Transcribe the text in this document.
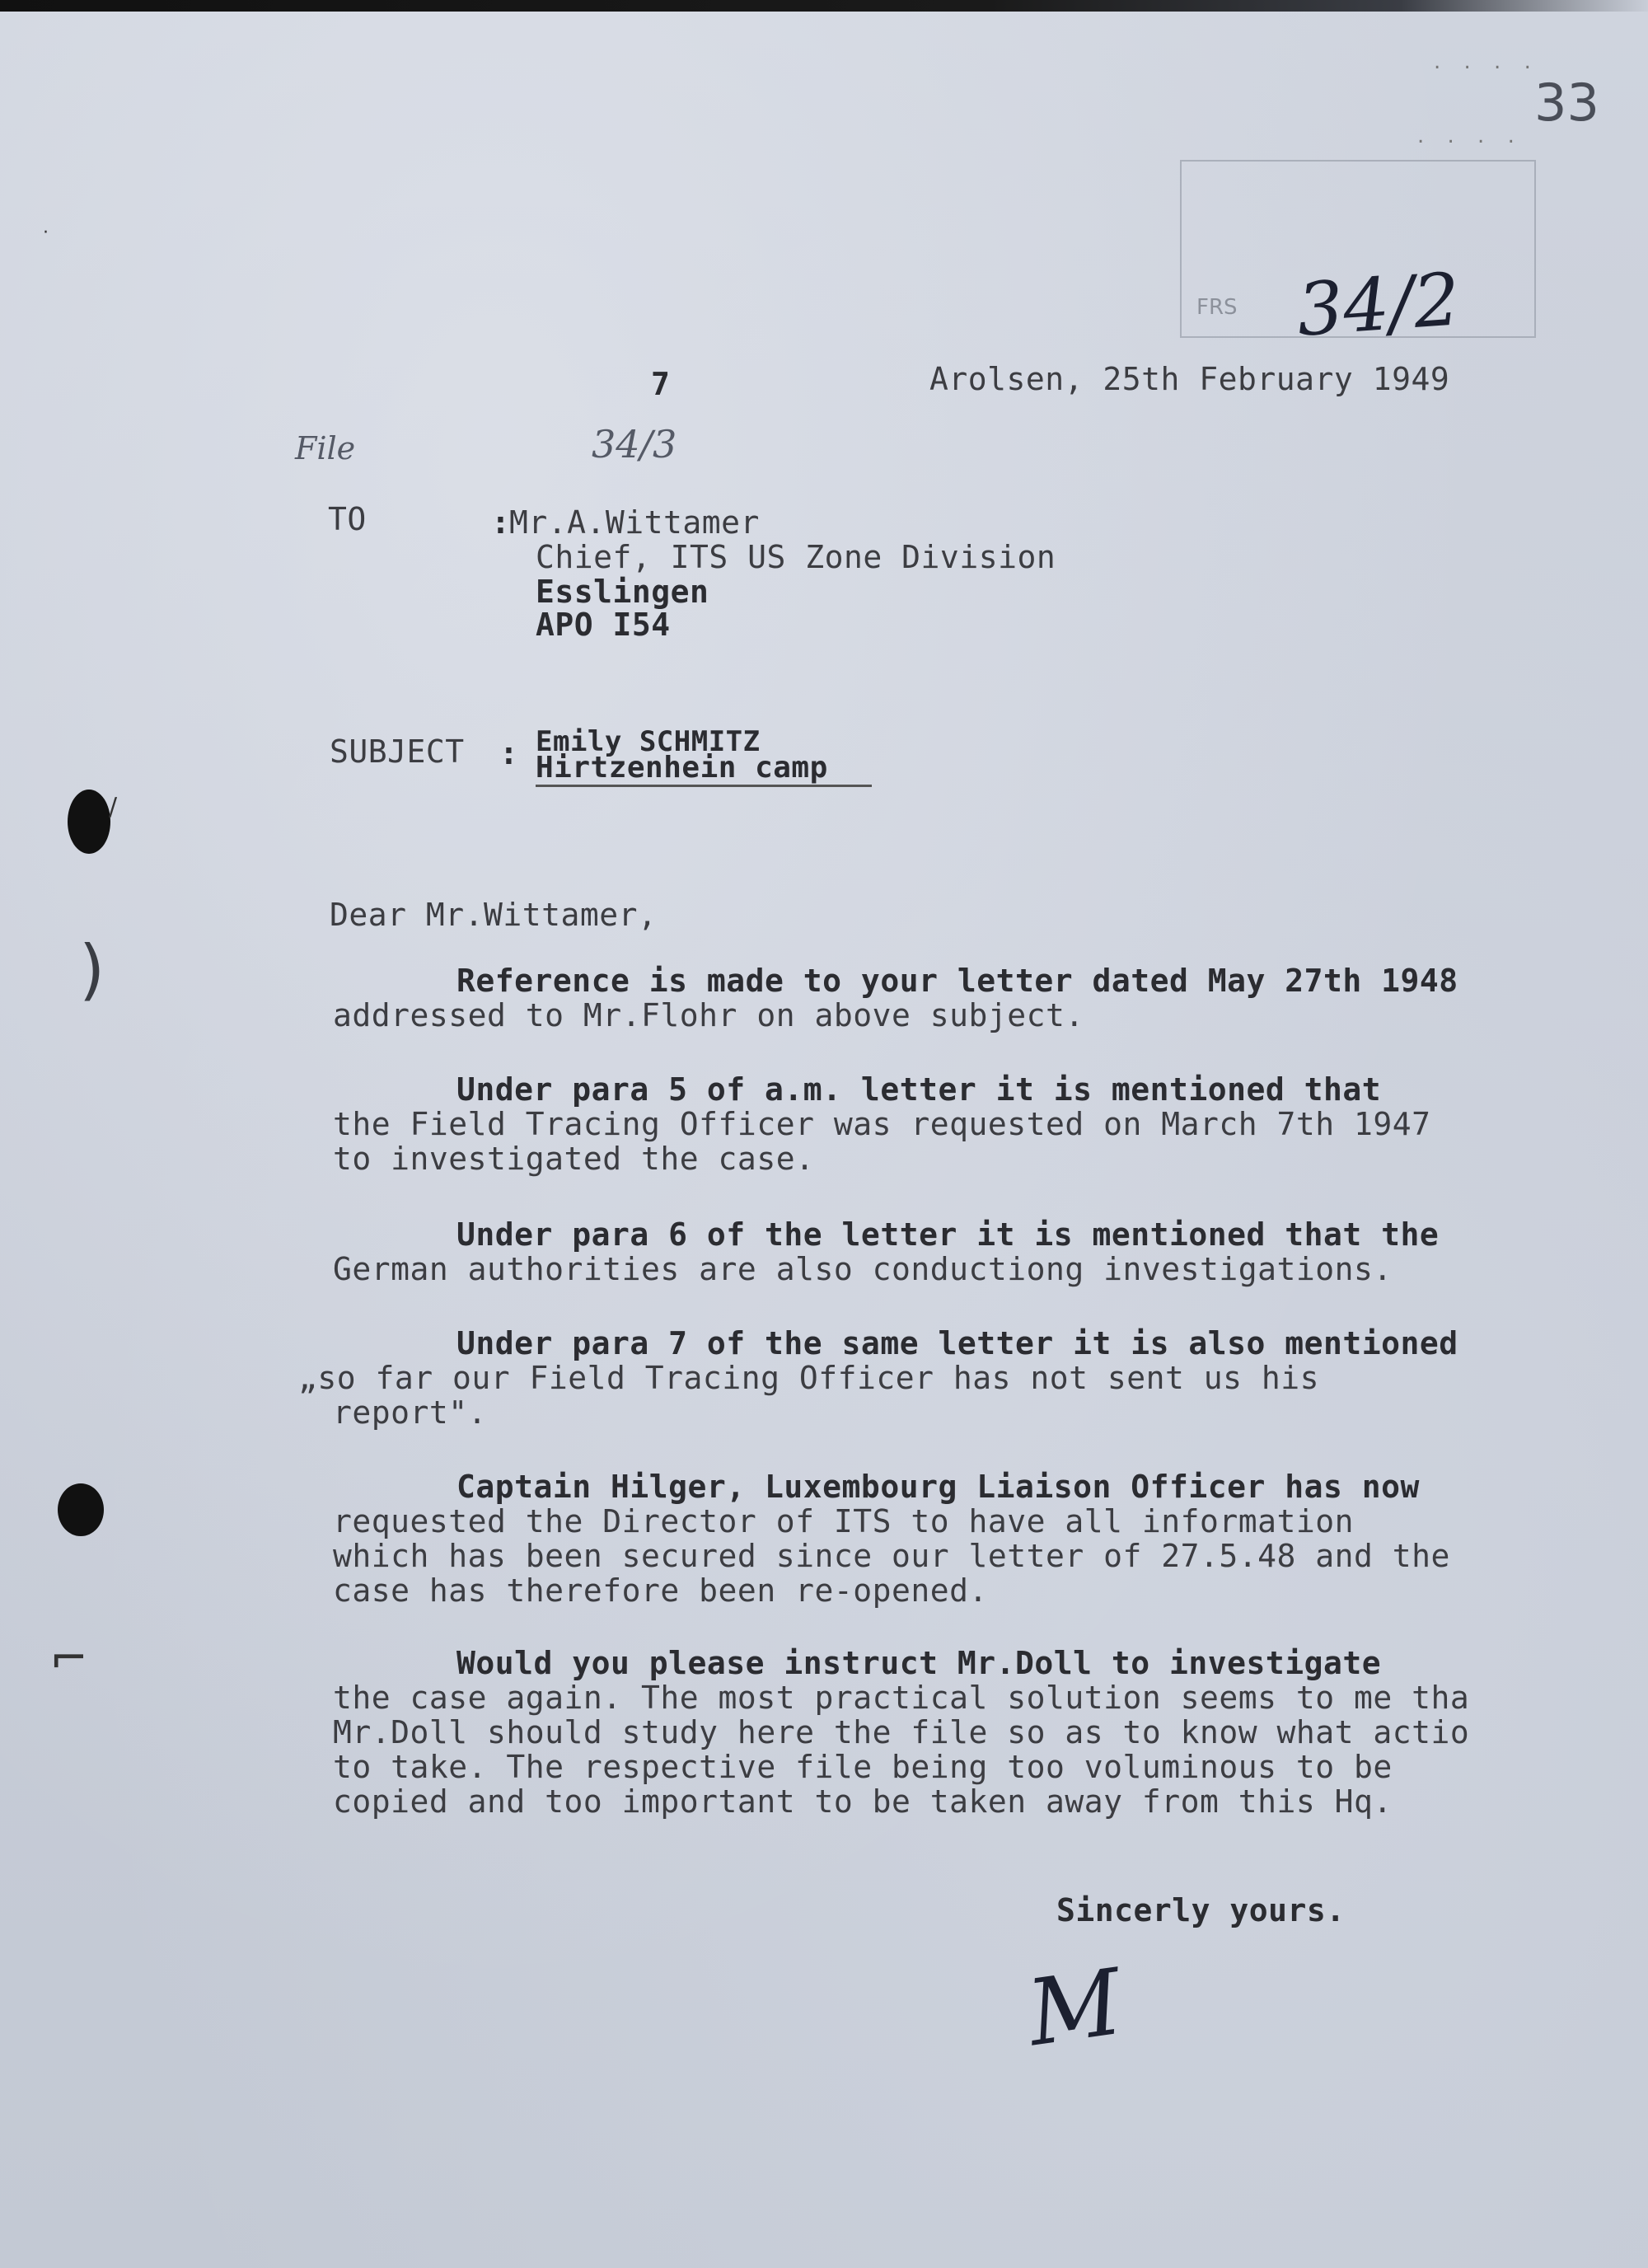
33
. . . .
. . . .
FRS 34/2
Arolsen, 25th February 1949
7
File	34/3
TO	:
Mr.A.Wittamer
Chief, ITS US Zone Division
Esslingen
APO I54
SUBJECT : Emily SCHMITZ
Hirtzenhein camp
Dear Mr.Wittamer,
Reference is made to your letter dated May 27th 1948
addressed to Mr.Flohr on above subject.
Under para 5 of a.m. letter it is mentioned that
the Field Tracing Officer was requested on March 7th 1947
to investigated the case.
Under para 6 of the letter it is mentioned that the
German authorities are also conductiong investigations.
Under para 7 of the same letter it is also mentioned
„so far our Field Tracing Officer has not sent us his
report".
Captain Hilger, Luxembourg Liaison Officer has now
requested the Director of ITS to have all information
which has been secured since our letter of 27.5.48 and the
case has therefore been re-opened.
Would you please instruct Mr.Doll to investigate
the case again. The most practical solution seems to me tha
Mr.Doll should study here the file so as to know what actio
to take. The respective file being too voluminous to be
copied and too important to be taken away from this Hq.
Sincerly yours.
M
∕
)
⌐
·
